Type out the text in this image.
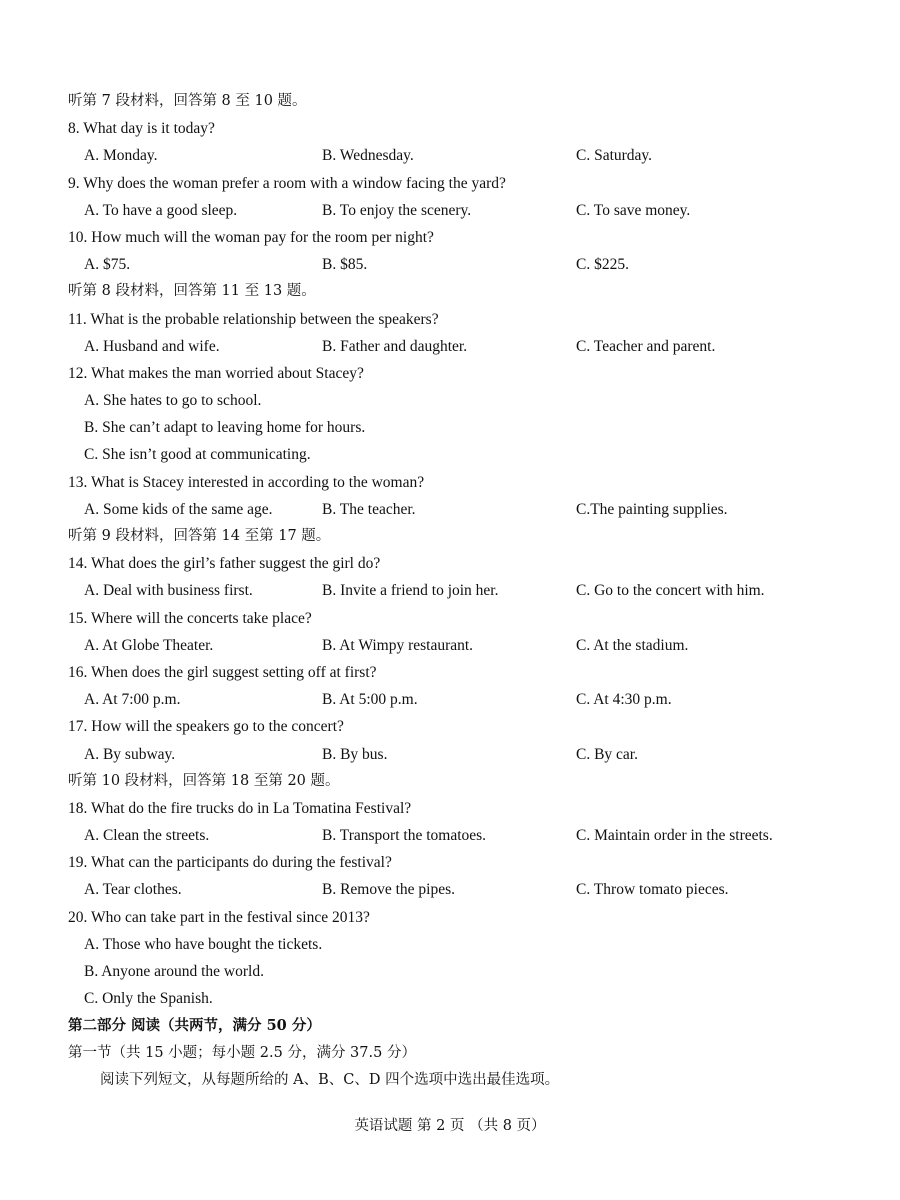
听第 7 段材料，回答第 8 至 10 题。
8. What day is it today?
A. Monday.	B. Wednesday.	C. Saturday.
9. Why does the woman prefer a room with a window facing the yard?
A. To have a good sleep.	B. To enjoy the scenery.	C. To save money.
10. How much will the woman pay for the room per night?
A. $75.	B. $85.	C. $225.
听第 8 段材料，回答第 11 至 13 题。
11. What is the probable relationship between the speakers?
A. Husband and wife.	B. Father and daughter.	C. Teacher and parent.
12. What makes the man worried about Stacey?
A. She hates to go to school.
B. She can’t adapt to leaving home for hours.
C. She isn’t good at communicating.
13. What is Stacey interested in according to the woman?
A. Some kids of the same age.	B. The teacher.	C.The painting supplies.
听第 9 段材料，回答第 14 至第 17 题。
14. What does the girl’s father suggest the girl do?
A. Deal with business first.	B. Invite a friend to join her.	C. Go to the concert with him.
15. Where will the concerts take place?
A. At Globe Theater.	B. At Wimpy restaurant.	C. At the stadium.
16. When does the girl suggest setting off at first?
A. At 7:00 p.m.	B. At 5:00 p.m.	C. At 4:30 p.m.
17. How will the speakers go to the concert?
A. By subway.	B. By bus.	C. By car.
听第 10 段材料，回答第 18 至第 20 题。
18. What do the fire trucks do in La Tomatina Festival?
A. Clean the streets.	B. Transport the tomatoes.	C. Maintain order in the streets.
19. What can the participants do during the festival?
A. Tear clothes.	B. Remove the pipes.	C. Throw tomato pieces.
20. Who can take part in the festival since 2013?
A. Those who have bought the tickets.
B. Anyone around the world.
C. Only the Spanish.
第二部分 阅读（共两节，满分 50 分）
第一节（共 15 小题；每小题 2.5 分，满分 37.5 分）
阅读下列短文，从每题所给的 A、B、C、D 四个选项中选出最佳选项。
英语试题 第 2 页 （共 8 页）
